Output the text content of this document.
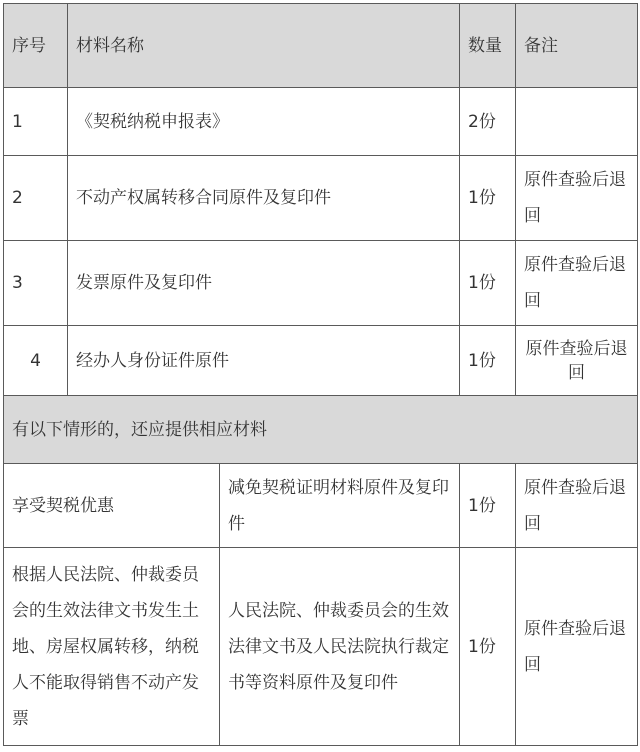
序号	材料名称		数量	备注
1	《契税纳税申报表》		2份	
2	不动产权属转移合同原件及复印件		1份	原件查验后退回
3	发票原件及复印件		1份	原件查验后退回
4	经办人身份证件原件		1份	原件查验后退回
有以下情形的，还应提供相应材料				
享受契税优惠		减免契税证明材料原件及复印件	1份	原件查验后退回
根据人民法院、仲裁委员会的生效法律文书发生土地、房屋权属转移，纳税人不能取得销售不动产发票		人民法院、仲裁委员会的生效法律文书及人民法院执行裁定书等资料原件及复印件	1份	原件查验后退回
